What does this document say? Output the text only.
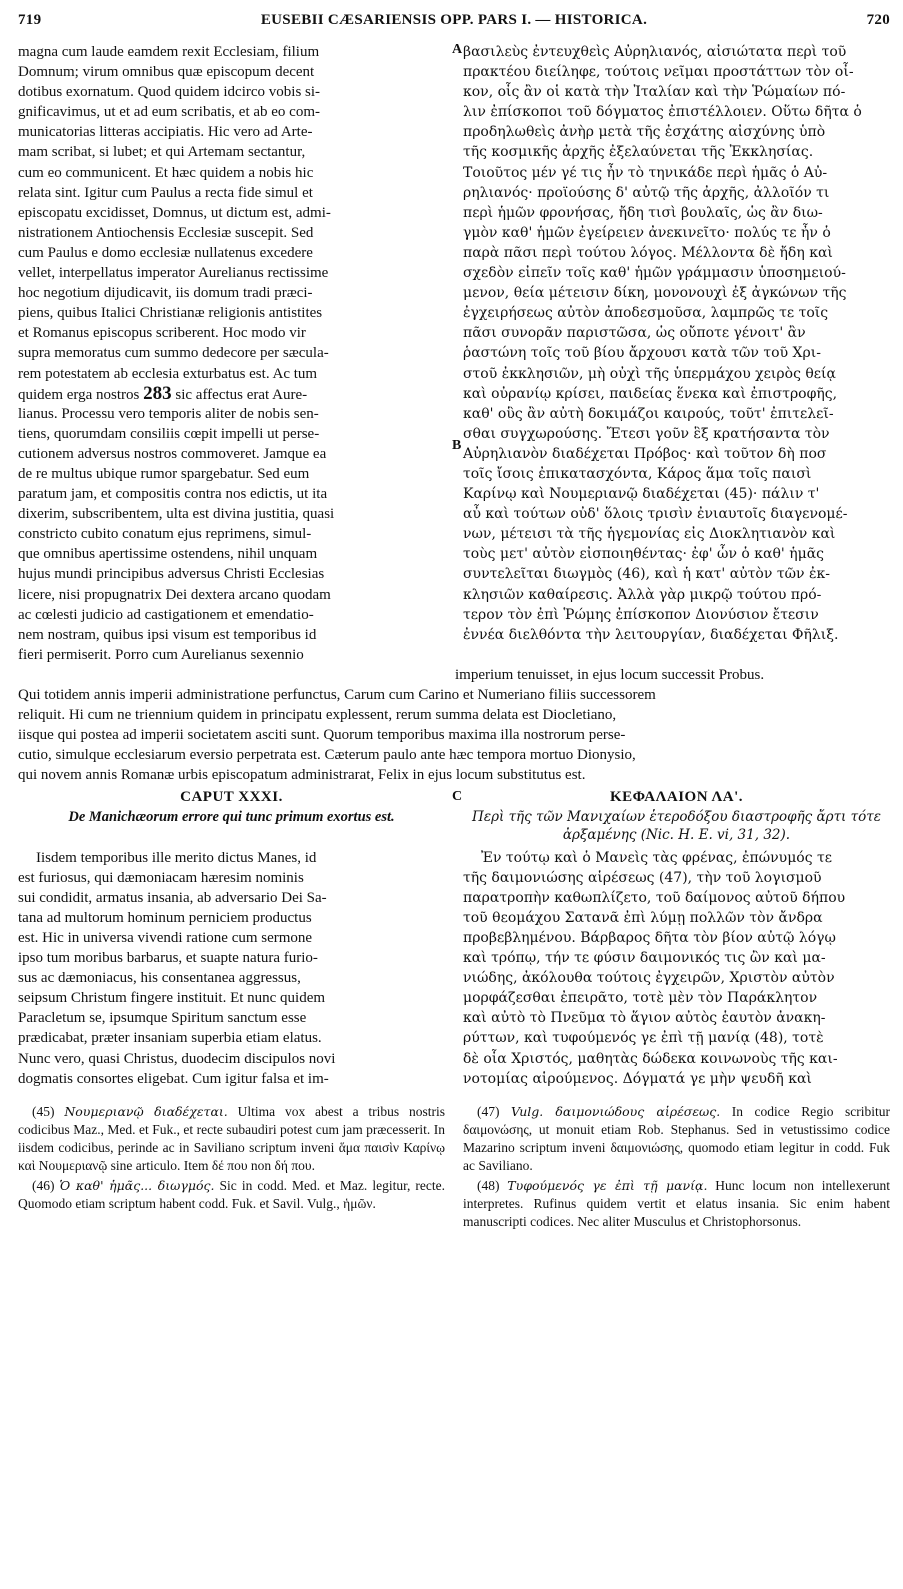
719	EUSEBII CÆSARIENSIS OPP. PARS I. — HISTORICA.	720
magna cum laude eamdem rexit Ecclesiam, filium
Domnum; virum omnibus quæ episcopum decent
dotibus exornatum. Quod quidem idcirco vobis si-
gnificavimus, ut et ad eum scribatis, et ab eo com-
municatorias litteras accipiatis. Hic vero ad Arte-
mam scribat, si lubet; et qui Artemam sectantur,
cum eo communicent. Et hæc quidem a nobis hic
relata sint. Igitur cum Paulus a recta fide simul et
episcopatu excidisset, Domnus, ut dictum est, admi-
nistrationem Antiochensis Ecclesiæ suscepit. Sed
cum Paulus e domo ecclesiæ nullatenus excedere
vellet, interpellatus imperator Aurelianus rectissime
hoc negotium dijudicavit, iis domum tradi præci-
piens, quibus Italici Christianæ religionis antistites
et Romanus episcopus scriberent. Hoc modo vir
supra memoratus cum summo dedecore per sæcula-
rem potestatem ab ecclesia exturbatus est. Ac tum
quidem erga nostros 283 sic affectus erat Aure-
lianus. Processu vero temporis aliter de nobis sen-
tiens, quorumdam consiliis cœpit impelli ut perse-
cutionem adversus nostros commoveret. Jamque ea
de re multus ubique rumor spargebatur. Sed eum
paratum jam, et compositis contra nos edictis, ut ita
dixerim, subscribentem, ulta est divina justitia, quasi
constricto cubito conatum ejus reprimens, simul-
que omnibus apertissime ostendens, nihil unquam
hujus mundi principibus adversus Christi Ecclesias
licere, nisi propugnatrix Dei dextera arcano quodam
ac cœlesti judicio ad castigationem et emendatio-
nem nostram, quibus ipsi visum est temporibus id
fieri permiserit. Porro cum Aurelianus sexennio
A
B
βασιλεὺς ἐντευχθεὶς Αὐρηλιανός, αἰσιώτατα περὶ τοῦ
πρακτέου διείληφε, τούτοις νεῖμαι προστάττων τὸν οἶ-
κον, οἷς ἂν οἱ κατὰ τὴν Ἰταλίαν καὶ τὴν Ῥώμαίων πό-
λιν ἐπίσκοποι τοῦ δόγματος ἐπιστέλλοιεν. Οὕτω δῆτα ὁ
προδηλωθεὶς ἀνὴρ μετὰ τῆς ἐσχάτης αἰσχύνης ὑπὸ
τῆς κοσμικῆς ἀρχῆς ἐξελαύνεται τῆς Ἐκκλησίας.
Τοιοῦτος μέν γέ τις ἦν τὸ τηνικάδε περὶ ἡμᾶς ὁ Αὐ-
ρηλιανός· προϊούσης δ' αὐτῷ τῆς ἀρχῆς, ἀλλοῖόν τι
περὶ ἡμῶν φρονήσας, ἤδη τισὶ βουλαῖς, ὡς ἂν διω-
γμὸν καθ' ἡμῶν ἐγείρειεν ἀνεκινεῖτο· πολύς τε ἦν ὁ
παρὰ πᾶσι περὶ τούτου λόγος. Μέλλοντα δὲ ἤδη καὶ
σχεδὸν εἰπεῖν τοῖς καθ' ἡμῶν γράμμασιν ὑποσημειού-
μενον, θεία μέτεισιν δίκη, μονονουχὶ ἐξ ἀγκώνων τῆς
ἐγχειρήσεως αὐτὸν ἀποδεσμοῦσα, λαμπρῶς τε τοῖς
πᾶσι συνορᾶν παριστῶσα, ὡς οὔποτε γένοιτ' ἂν
ῥαστώνη τοῖς τοῦ βίου ἄρχουσι κατὰ τῶν τοῦ Χρι-
στοῦ ἐκκλησιῶν, μὴ οὐχὶ τῆς ὑπερμάχου χειρὸς θείᾳ
καὶ οὐρανίῳ κρίσει, παιδείας ἕνεκα καὶ ἐπιστροφῆς,
καθ' οὓς ἂν αὐτὴ δοκιμάζοι καιρούς, τοῦτ' ἐπιτελεῖ-
σθαι συγχωρούσης. Ἔτεσι γοῦν ἓξ κρατήσαντα τὸν
Αὐρηλιανὸν διαδέχεται Πρόβος· καὶ τοῦτον δὴ ποσ
τοῖς ἴσοις ἐπικατασχόντα, Κάρος ἅμα τοῖς παισὶ
Καρίνῳ καὶ Νουμεριανῷ διαδέχεται (45)· πάλιν τ'
αὖ καὶ τούτων οὐδ' ὅλοις τρισὶν ἐνιαυτοῖς διαγενομέ-
νων, μέτεισι τὰ τῆς ἡγεμονίας εἰς Διοκλητιανὸν καὶ
τοὺς μετ' αὐτὸν εἰσποιηθέντας· ἐφ' ὧν ὁ καθ' ἡμᾶς
συντελεῖται διωγμὸς (46), καὶ ἡ κατ' αὐτὸν τῶν ἐκ-
κλησιῶν καθαίρεσις. Ἀλλὰ γὰρ μικρῷ τούτου πρό-
τερον τὸν ἐπὶ Ῥώμης ἐπίσκοπον Διονύσιον ἔτεσιν
ἐννέα διελθόντα τὴν λειτουργίαν, διαδέχεται Φῆλιξ.
imperium tenuisset, in ejus locum successit Probus.
Qui totidem annis imperii administratione perfunctus, Carum cum Carino et Numeriano filiis successorem
reliquit. Hi cum ne triennium quidem in principatu explessent, rerum summa delata est Diocletiano,
iisque qui postea ad imperii societatem asciti sunt. Quorum temporibus maxima illa nostrorum perse-
cutio, simulque ecclesiarum eversio perpetrata est. Cæterum paulo ante hæc tempora mortuo Dionysio,
qui novem annis Romanæ urbis episcopatum administrarat, Felix in ejus locum substitutus est.
CAPUT XXXI.
De Manichæorum errore qui tunc primum exortus est.
C	ΚΕΦΑΛΑΙΟΝ ΛΑ'.
Περὶ τῆς τῶν Μανιχαίων ἑτεροδόξου διαστροφῆς ἄρτι τότε ἀρξαμένης (Nic. H. E. vi, 31, 32).
Iisdem temporibus ille merito dictus Manes, id
est furiosus, qui dæmoniacam hæresim nominis
sui condidit, armatus insania, ab adversario Dei Sa-
tana ad multorum hominum perniciem productus
est. Hic in universa vivendi ratione cum sermone
ipso tum moribus barbarus, et suapte natura furio-
sus ac dæmoniacus, his consentanea aggressus,
seipsum Christum fingere instituit. Et nunc quidem
Paracletum se, ipsumque Spiritum sanctum esse
prædicabat, præter insaniam superbia etiam elatus.
Nunc vero, quasi Christus, duodecim discipulos novi
dogmatis consortes eligebat. Cum igitur falsa et im-
Ἐν τούτῳ καὶ ὁ Μανεὶς τὰς φρένας, ἐπώνυμός τε
τῆς δαιμονιώσης αἱρέσεως (47), τὴν τοῦ λογισμοῦ
παρατροπὴν καθωπλίζετο, τοῦ δαίμονος αὐτοῦ δήπου
τοῦ θεομάχου Σατανᾶ ἐπὶ λύμῃ πολλῶν τὸν ἄνδρα
προβεβλημένου. Βάρβαρος δῆτα τὸν βίον αὐτῷ λόγῳ
καὶ τρόπῳ, τήν τε φύσιν δαιμονικός τις ὢν καὶ μα-
νιώδης, ἀκόλουθα τούτοις ἐγχειρῶν, Χριστὸν αὐτὸν
μορφάζεσθαι ἐπειρᾶτο, τοτὲ μὲν τὸν Παράκλητον
καὶ αὐτὸ τὸ Πνεῦμα τὸ ἅγιον αὐτὸς ἑαυτὸν ἀνακη-
ρύττων, καὶ τυφούμενός γε ἐπὶ τῇ μανίᾳ (48), τοτὲ
δὲ οἷα Χριστός, μαθητὰς δώδεκα κοινωνοὺς τῆς και-
νοτομίας αἱρούμενος. Δόγματά γε μὴν ψευδῆ καὶ

(45) Νουμεριανῷ διαδέχεται. Ultima vox abest a tribus nostris codicibus Maz., Med. et Fuk., et recte subaudiri potest cum jam præcesserit. In iisdem codicibus, perinde ac in Saviliano scriptum inveni ἅμα παισὶν Καρίνῳ καὶ Νουμεριανῷ sine articulo. Item δέ που non δή που.

(46) Ὁ καθ' ἡμᾶς... διωγμός. Sic in codd. Med. et Maz. legitur, recte. Quomodo etiam scriptum habent codd. Fuk. et Savil. Vulg., ἡμῶν.

(47) Vulg. δαιμονιώδους αἱρέσεως. In codice Regio scribitur δαιμονώσης, ut monuit etiam Rob. Stephanus. Sed in vetustissimo codice Mazarino scriptum inveni δαιμονιώσης, quomodo etiam legitur in codd. Fuk ac Saviliano.

(48) Τυφούμενός γε ἐπὶ τῇ μανίᾳ. Hunc locum non intellexerunt interpretes. Rufinus quidem vertit et elatus insania. Sic enim habent manuscripti codices. Nec aliter Musculus et Christophorsonus.
